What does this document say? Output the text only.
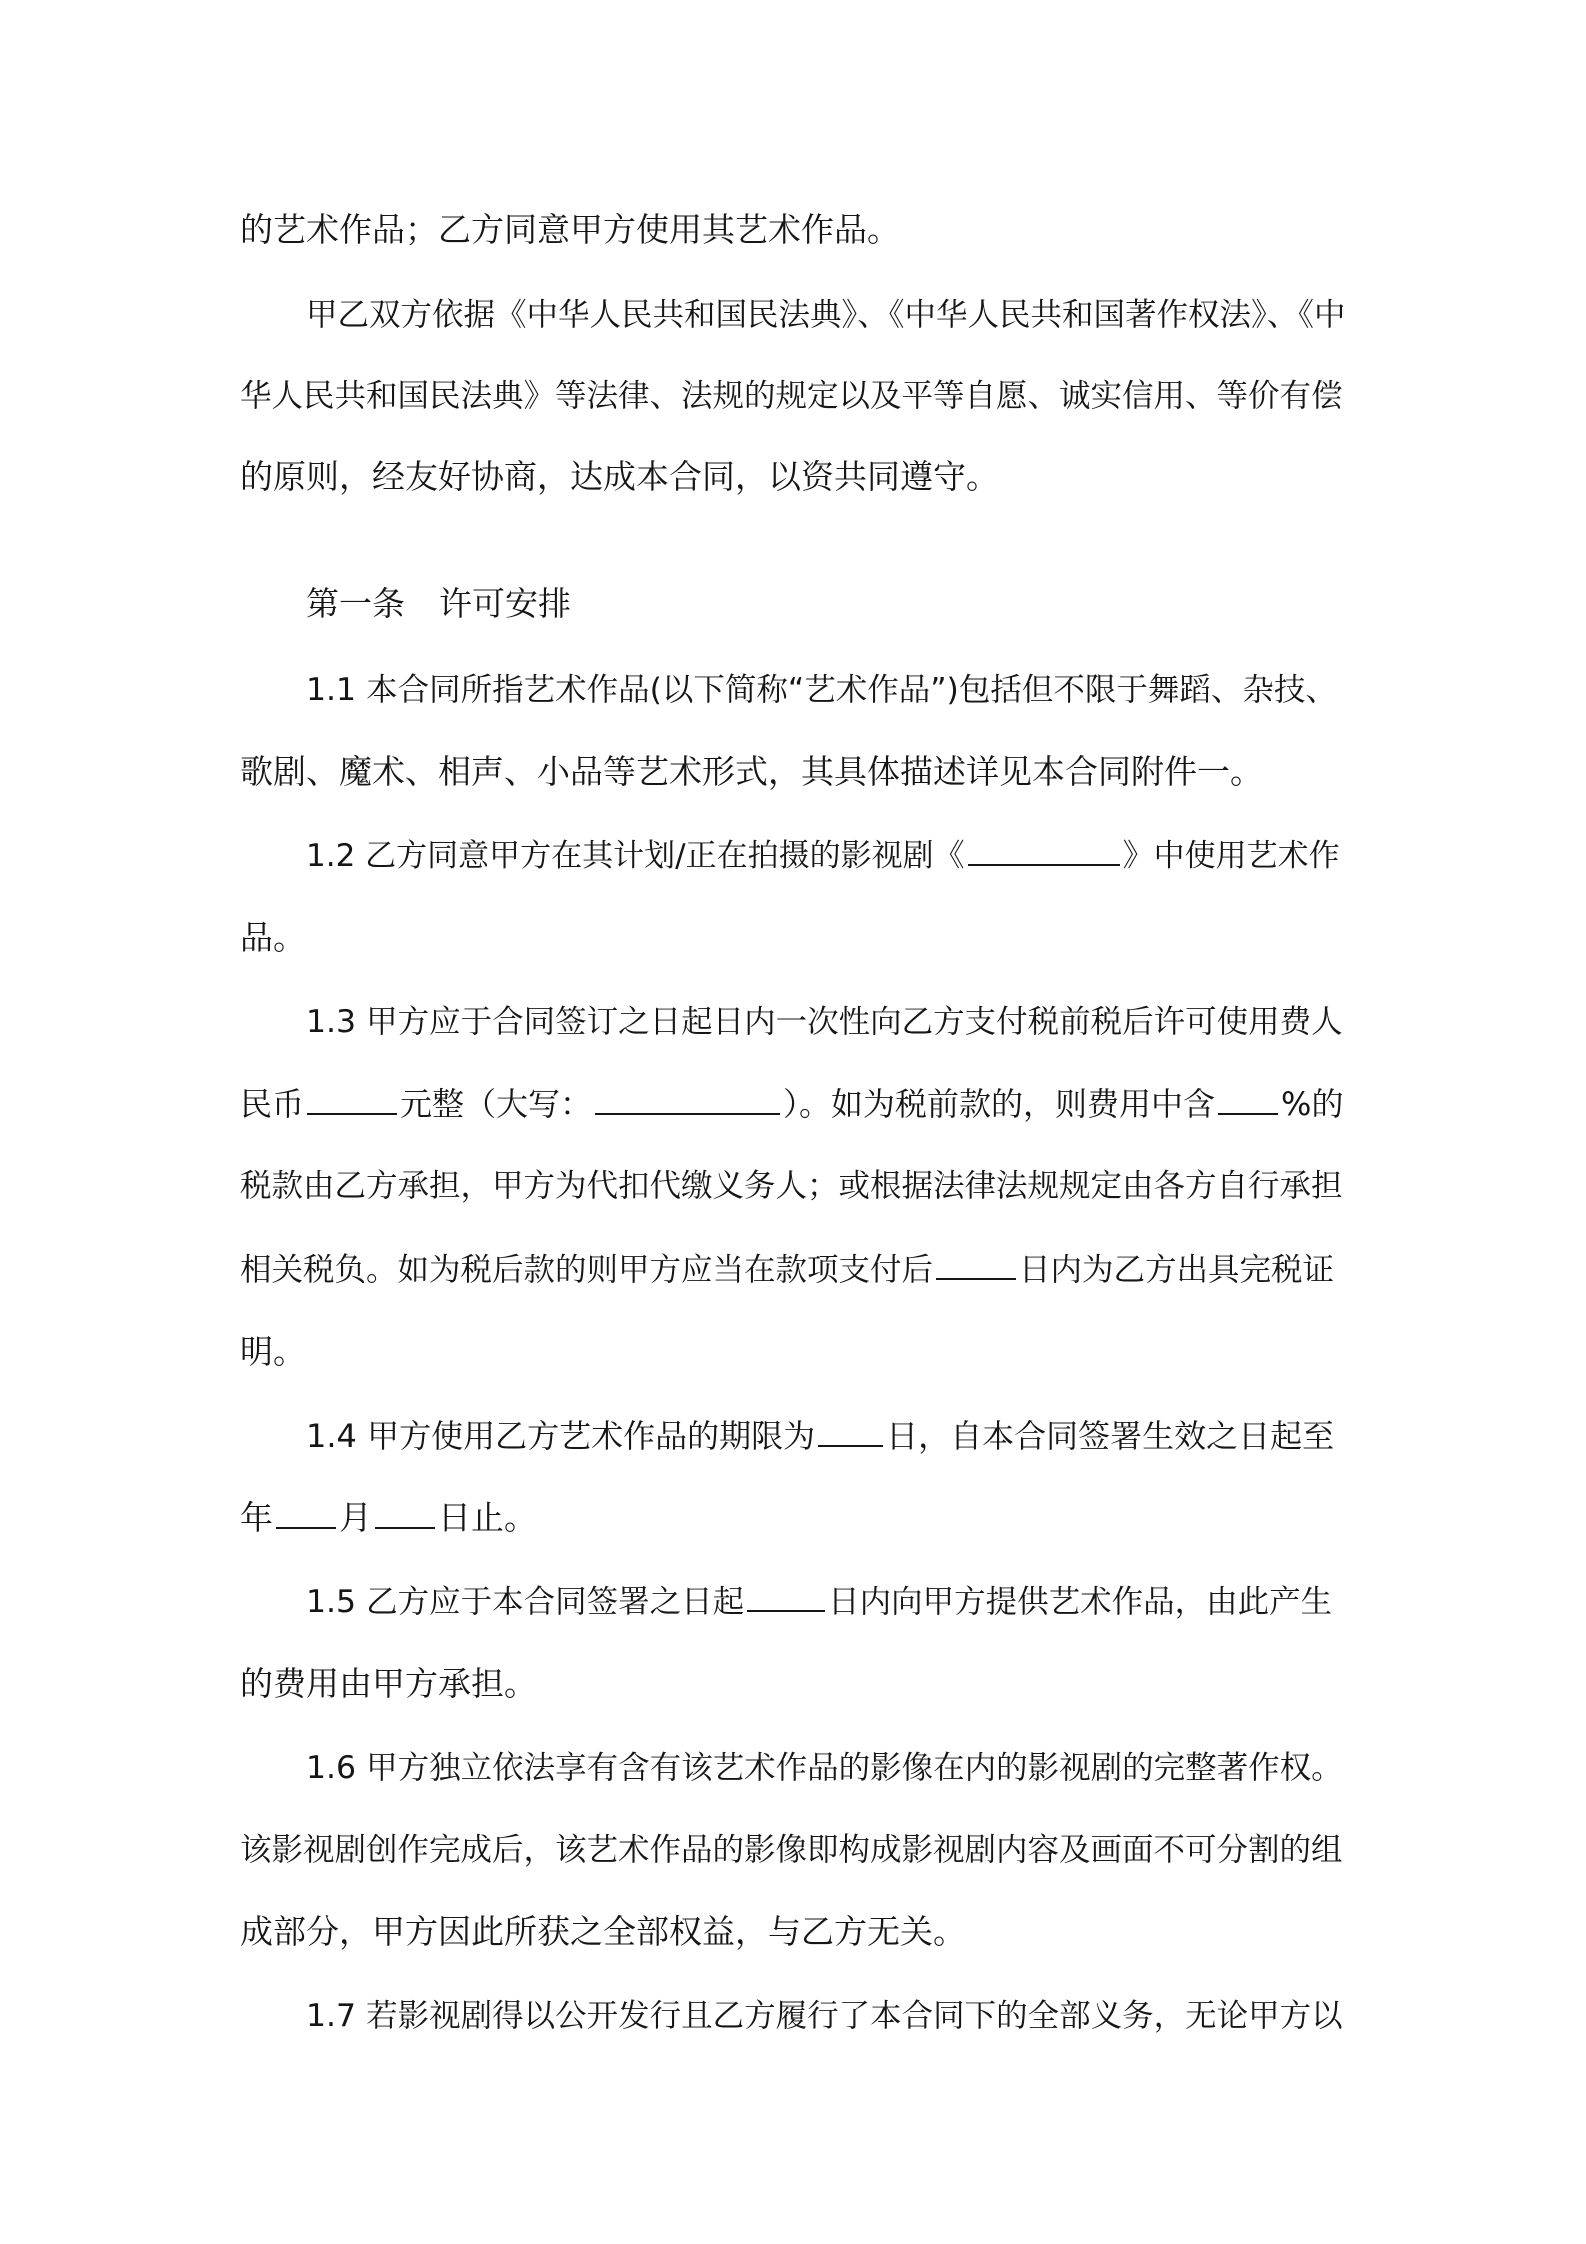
的艺术作品；乙方同意甲方使用其艺术作品。

甲乙双方依据《中华人民共和国民法典》、《中华人民共和国著作权法》、《中

华人民共和国民法典》等法律、法规的规定以及平等自愿、诚实信用、等价有偿

的原则，经友好协商，达成本合同，以资共同遵守。

第一条 许可安排

1.1 本合同所指艺术作品(以下简称“艺术作品”)包括但不限于舞蹈、杂技、

歌剧、魔术、相声、小品等艺术形式，其具体描述详见本合同附件一。

1.2 乙方同意甲方在其计划/正在拍摄的影视剧《	》中使用艺术作

品。

1.3 甲方应于合同签订之日起日内一次性向乙方支付税前税后许可使用费人

民币	元整（大写：	）。如为税前款的，则费用中含 %的

税款由乙方承担，甲方为代扣代缴义务人；或根据法律法规规定由各方自行承担

相关税负。如为税后款的则甲方应当在款项支付后	日内为乙方出具完税证

明。

1.4 甲方使用乙方艺术作品的期限为 日，自本合同签署生效之日起至

年 月 日止。

1.5 乙方应于本合同签署之日起	日内向甲方提供艺术作品，由此产生

的费用由甲方承担。

1.6 甲方独立依法享有含有该艺术作品的影像在内的影视剧的完整著作权。

该影视剧创作完成后，该艺术作品的影像即构成影视剧内容及画面不可分割的组

成部分，甲方因此所获之全部权益，与乙方无关。

1.7 若影视剧得以公开发行且乙方履行了本合同下的全部义务，无论甲方以
